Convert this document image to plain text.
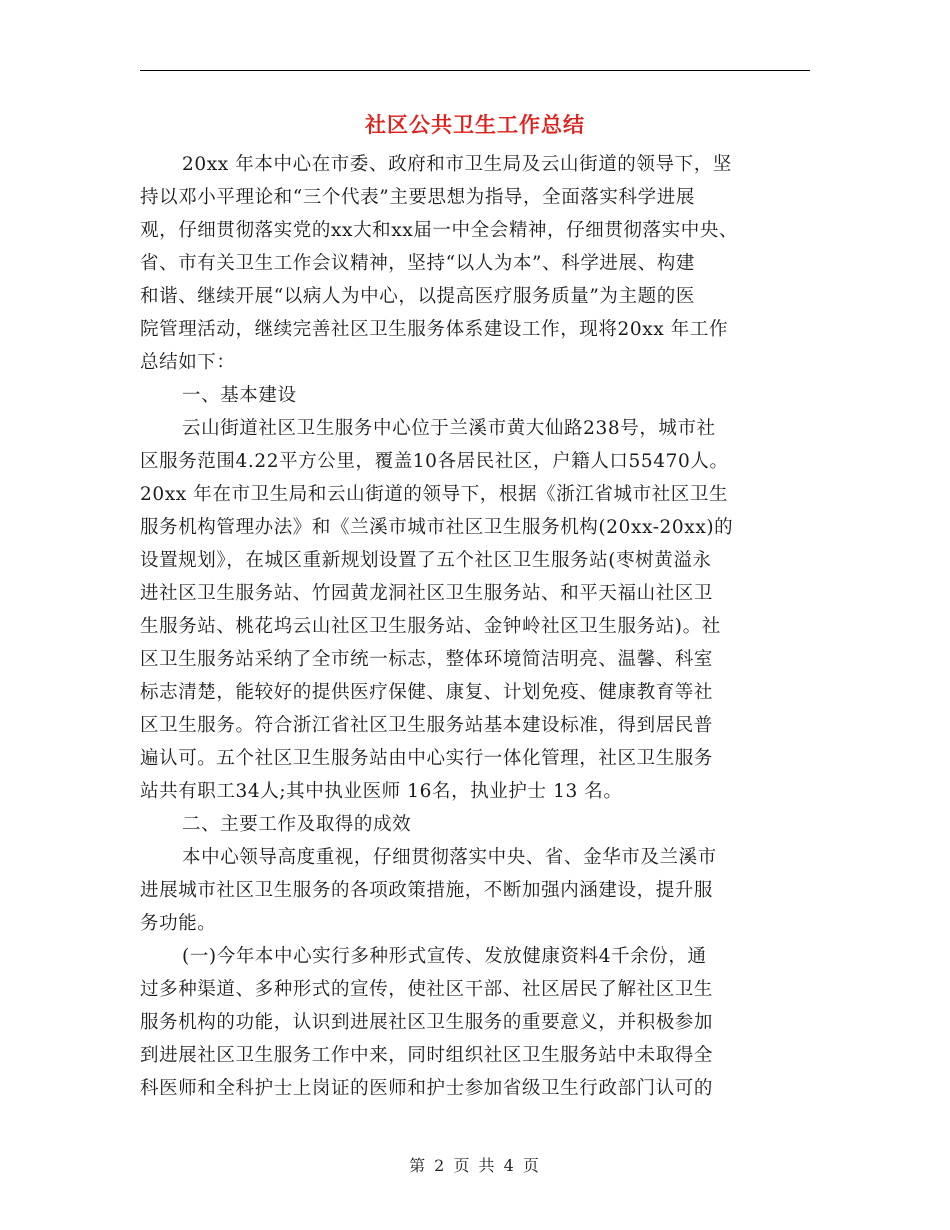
社区公共卫生工作总结
20xx 年本中心在市委、政府和市卫生局及云山街道的领导下，坚
持以邓小平理论和“三个代表”主要思想为指导，全面落实科学进展
观，仔细贯彻落实党的xx大和xx届一中全会精神，仔细贯彻落实中央、
省、市有关卫生工作会议精神，坚持“以人为本”、科学进展、构建
和谐、继续开展“以病人为中心，以提高医疗服务质量”为主题的医
院管理活动，继续完善社区卫生服务体系建设工作，现将20xx 年工作
总结如下：
一、基本建设
云山街道社区卫生服务中心位于兰溪市黄大仙路238号，城市社
区服务范围4.22平方公里，覆盖10各居民社区，户籍人口55470人。
20xx 年在市卫生局和云山街道的领导下，根据《浙江省城市社区卫生
服务机构管理办法》和《兰溪市城市社区卫生服务机构(20xx-20xx)的
设置规划》，在城区重新规划设置了五个社区卫生服务站(枣树黄溢永
进社区卫生服务站、竹园黄龙洞社区卫生服务站、和平天福山社区卫
生服务站、桃花坞云山社区卫生服务站、金钟岭社区卫生服务站)。社
区卫生服务站采纳了全市统一标志，整体环境简洁明亮、温馨、科室
标志清楚，能较好的提供医疗保健、康复、计划免疫、健康教育等社
区卫生服务。符合浙江省社区卫生服务站基本建设标准，得到居民普
遍认可。五个社区卫生服务站由中心实行一体化管理，社区卫生服务
站共有职工34人;其中执业医师 16名，执业护士 13 名。
二、主要工作及取得的成效
本中心领导高度重视，仔细贯彻落实中央、省、金华市及兰溪市
进展城市社区卫生服务的各项政策措施，不断加强内涵建设，提升服
务功能。
(一)今年本中心实行多种形式宣传、发放健康资料4千余份，通
过多种渠道、多种形式的宣传，使社区干部、社区居民了解社区卫生
服务机构的功能，认识到进展社区卫生服务的重要意义，并积极参加
到进展社区卫生服务工作中来，同时组织社区卫生服务站中未取得全
科医师和全科护士上岗证的医师和护士参加省级卫生行政部门认可的
第 2 页 共 4 页
